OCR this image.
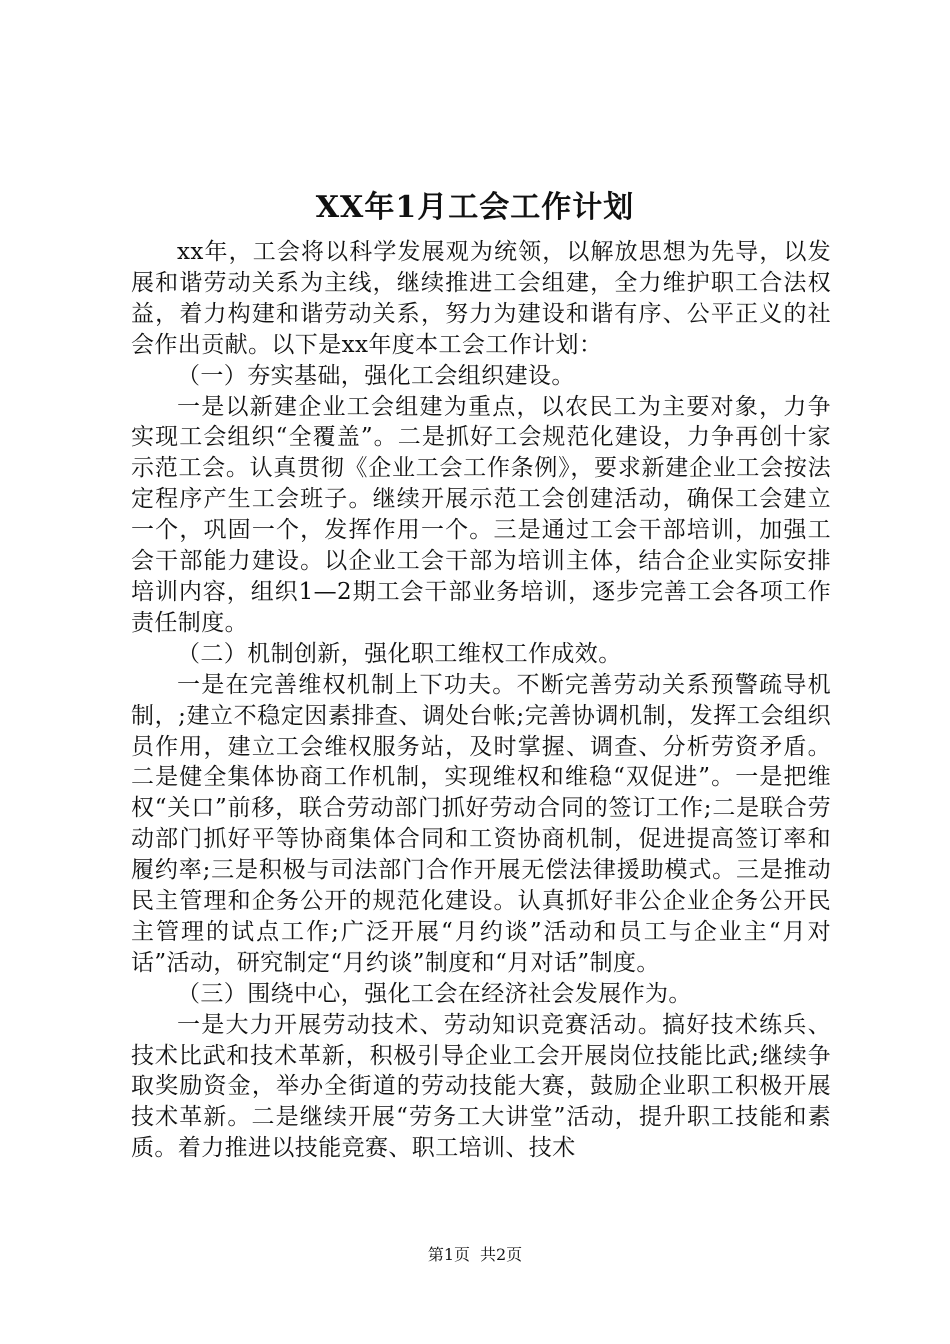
XX年1月工会工作计划

xx年，工会将以科学发展观为统领，以解放思想为先导，以发展和谐劳动关系为主线，继续推进工会组建，全力维护职工合法权益，着力构建和谐劳动关系，努力为建设和谐有序、公平正义的社会作出贡献。以下是xx年度本工会工作计划：

（一）夯实基础，强化工会组织建设。

一是以新建企业工会组建为重点，以农民工为主要对象，力争实现工会组织“全覆盖”。二是抓好工会规范化建设，力争再创十家示范工会。认真贯彻《企业工会工作条例》，要求新建企业工会按法定程序产生工会班子。继续开展示范工会创建活动，确保工会建立一个，巩固一个，发挥作用一个。三是通过工会干部培训，加强工会干部能力建设。以企业工会干部为培训主体，结合企业实际安排培训内容，组织1—2期工会干部业务培训，逐步完善工会各项工作责任制度。

（二）机制创新，强化职工维权工作成效。

一是在完善维权机制上下功夫。不断完善劳动关系预警疏导机制，;建立不稳定因素排查、调处台帐;完善协调机制，发挥工会组织员作用，建立工会维权服务站，及时掌握、调查、分析劳资矛盾。二是健全集体协商工作机制，实现维权和维稳“双促进”。一是把维权“关口”前移，联合劳动部门抓好劳动合同的签订工作;二是联合劳动部门抓好平等协商集体合同和工资协商机制，促进提高签订率和履约率;三是积极与司法部门合作开展无偿法律援助模式。三是推动民主管理和企务公开的规范化建设。认真抓好非公企业企务公开民主管理的试点工作;广泛开展“月约谈”活动和员工与企业主“月对话”活动，研究制定“月约谈”制度和“月对话”制度。

（三）围绕中心，强化工会在经济社会发展作为。

一是大力开展劳动技术、劳动知识竞赛活动。搞好技术练兵、技术比武和技术革新，积极引导企业工会开展岗位技能比武;继续争取奖励资金，举办全街道的劳动技能大赛，鼓励企业职工积极开展技术革新。二是继续开展“劳务工大讲堂”活动，提升职工技能和素质。着力推进以技能竞赛、职工培训、技术

第1页 共2页
